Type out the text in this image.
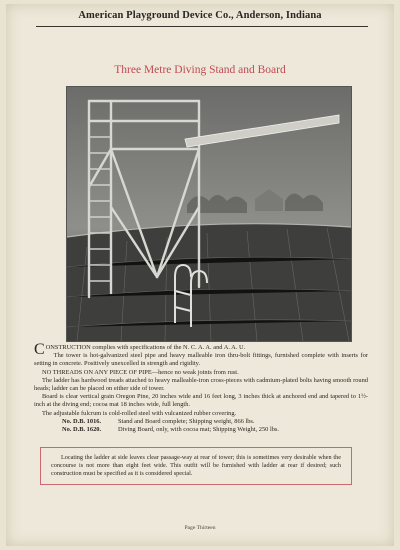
American Playground Device Co., Anderson, Indiana
Three Metre Diving Stand and Board

CONSTRUCTION complies with specifications of the N. C. A. A. and A. A. U.

The tower is hot-galvanized steel pipe and heavy malleable iron thru-bolt fittings, furnished complete with inserts for setting in concrete. Positively unexcelled in strength and rigidity.

NO THREADS ON ANY PIECE OF PIPE—hence no weak joints from rust.

The ladder has hardwood treads attached to heavy malleable-iron cross-pieces with cadmium-plated bolts having smooth round heads; ladder can be placed on either side of tower.

Board is clear vertical grain Oregon Pine, 20 inches wide and 16 feet long, 3 inches thick at anchored end and tapered to 1½-inch at the diving end; cocoa mat 18 inches wide, full length.

The adjustable fulcrum is cold-rolled steel with vulcanized rubber covering.

No. D.B. 1016.	Stand and Board complete; Shipping weight, 866 lbs.
No. D.B. 1620.	Diving Board, only, with cocoa mat; Shipping Weight, 250 lbs.
Locating the ladder at side leaves clear passage-way at rear of tower; this is sometimes very desirable when the concourse is not more than eight feet wide. This outfit will be furnished with ladder at rear if desired; such construction must be specified as it is considered special.
Page Thirteen
